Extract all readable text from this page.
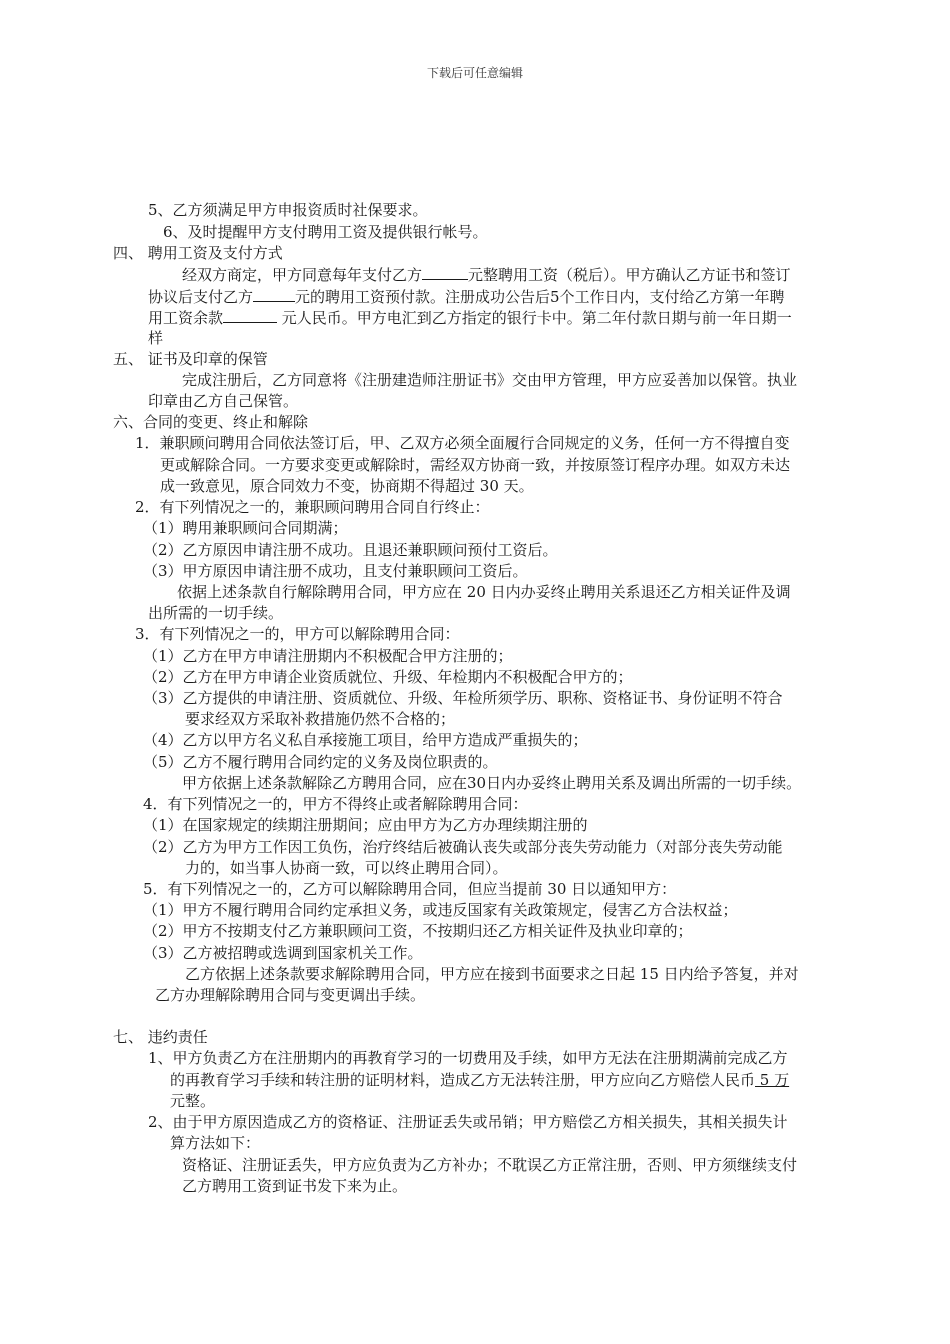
下载后可任意编辑
5、乙方须满足甲方申报资质时社保要求。
6、及时提醒甲方支付聘用工资及提供银行帐号。
四、 聘用工资及支付方式
经双方商定，甲方同意每年支付乙方	元整聘用工资（税后）。甲方确认乙方证书和签订
协议后支付乙方	元的聘用工资预付款。注册成功公告后5个工作日内，支付给乙方第一年聘
用工资余款	元人民币。甲方电汇到乙方指定的银行卡中。第二年付款日期与前一年日期一
样
五、 证书及印章的保管
完成注册后，乙方同意将《注册建造师注册证书》交由甲方管理，甲方应妥善加以保管。执业
印章由乙方自己保管。
六、合同的变更、终止和解除
1．兼职顾问聘用合同依法签订后，甲、乙双方必须全面履行合同规定的义务，任何一方不得擅自变
更或解除合同。一方要求变更或解除时，需经双方协商一致，并按原签订程序办理。如双方未达
成一致意见，原合同效力不变，协商期不得超过 30 天。
2．有下列情况之一的，兼职顾问聘用合同自行终止：
（1）聘用兼职顾问合同期满；
（2）乙方原因申请注册不成功。且退还兼职顾问预付工资后。
（3）甲方原因申请注册不成功，且支付兼职顾问工资后。
依据上述条款自行解除聘用合同，甲方应在 20 日内办妥终止聘用关系退还乙方相关证件及调
出所需的一切手续。
3．有下列情况之一的，甲方可以解除聘用合同：
（1）乙方在甲方申请注册期内不积极配合甲方注册的；
（2）乙方在甲方申请企业资质就位、升级、年检期内不积极配合甲方的；
（3）乙方提供的申请注册、资质就位、升级、年检所须学历、职称、资格证书、身份证明不符合
要求经双方采取补救措施仍然不合格的；
（4）乙方以甲方名义私自承接施工项目，给甲方造成严重损失的；
（5）乙方不履行聘用合同约定的义务及岗位职责的。
甲方依据上述条款解除乙方聘用合同，应在30日内办妥终止聘用关系及调出所需的一切手续。
4．有下列情况之一的，甲方不得终止或者解除聘用合同：
（1）在国家规定的续期注册期间；应由甲方为乙方办理续期注册的
（2）乙方为甲方工作因工负伤，治疗终结后被确认丧失或部分丧失劳动能力（对部分丧失劳动能
力的，如当事人协商一致，可以终止聘用合同）。
5．有下列情况之一的，乙方可以解除聘用合同，但应当提前 30 日以通知甲方：
（1）甲方不履行聘用合同约定承担义务，或违反国家有关政策规定，侵害乙方合法权益；
（2）甲方不按期支付乙方兼职顾问工资，不按期归还乙方相关证件及执业印章的；
（3）乙方被招聘或选调到国家机关工作。
乙方依据上述条款要求解除聘用合同，甲方应在接到书面要求之日起 15 日内给予答复，并对
乙方办理解除聘用合同与变更调出手续。
七、 违约责任
1、甲方负责乙方在注册期内的再教育学习的一切费用及手续，如甲方无法在注册期满前完成乙方
的再教育学习手续和转注册的证明材料，造成乙方无法转注册，甲方应向乙方赔偿人民币 5 万
元整。
2、由于甲方原因造成乙方的资格证、注册证丢失或吊销；甲方赔偿乙方相关损失，其相关损失计
算方法如下：
资格证、注册证丢失，甲方应负责为乙方补办；不耽误乙方正常注册，否则、甲方须继续支付
乙方聘用工资到证书发下来为止。
